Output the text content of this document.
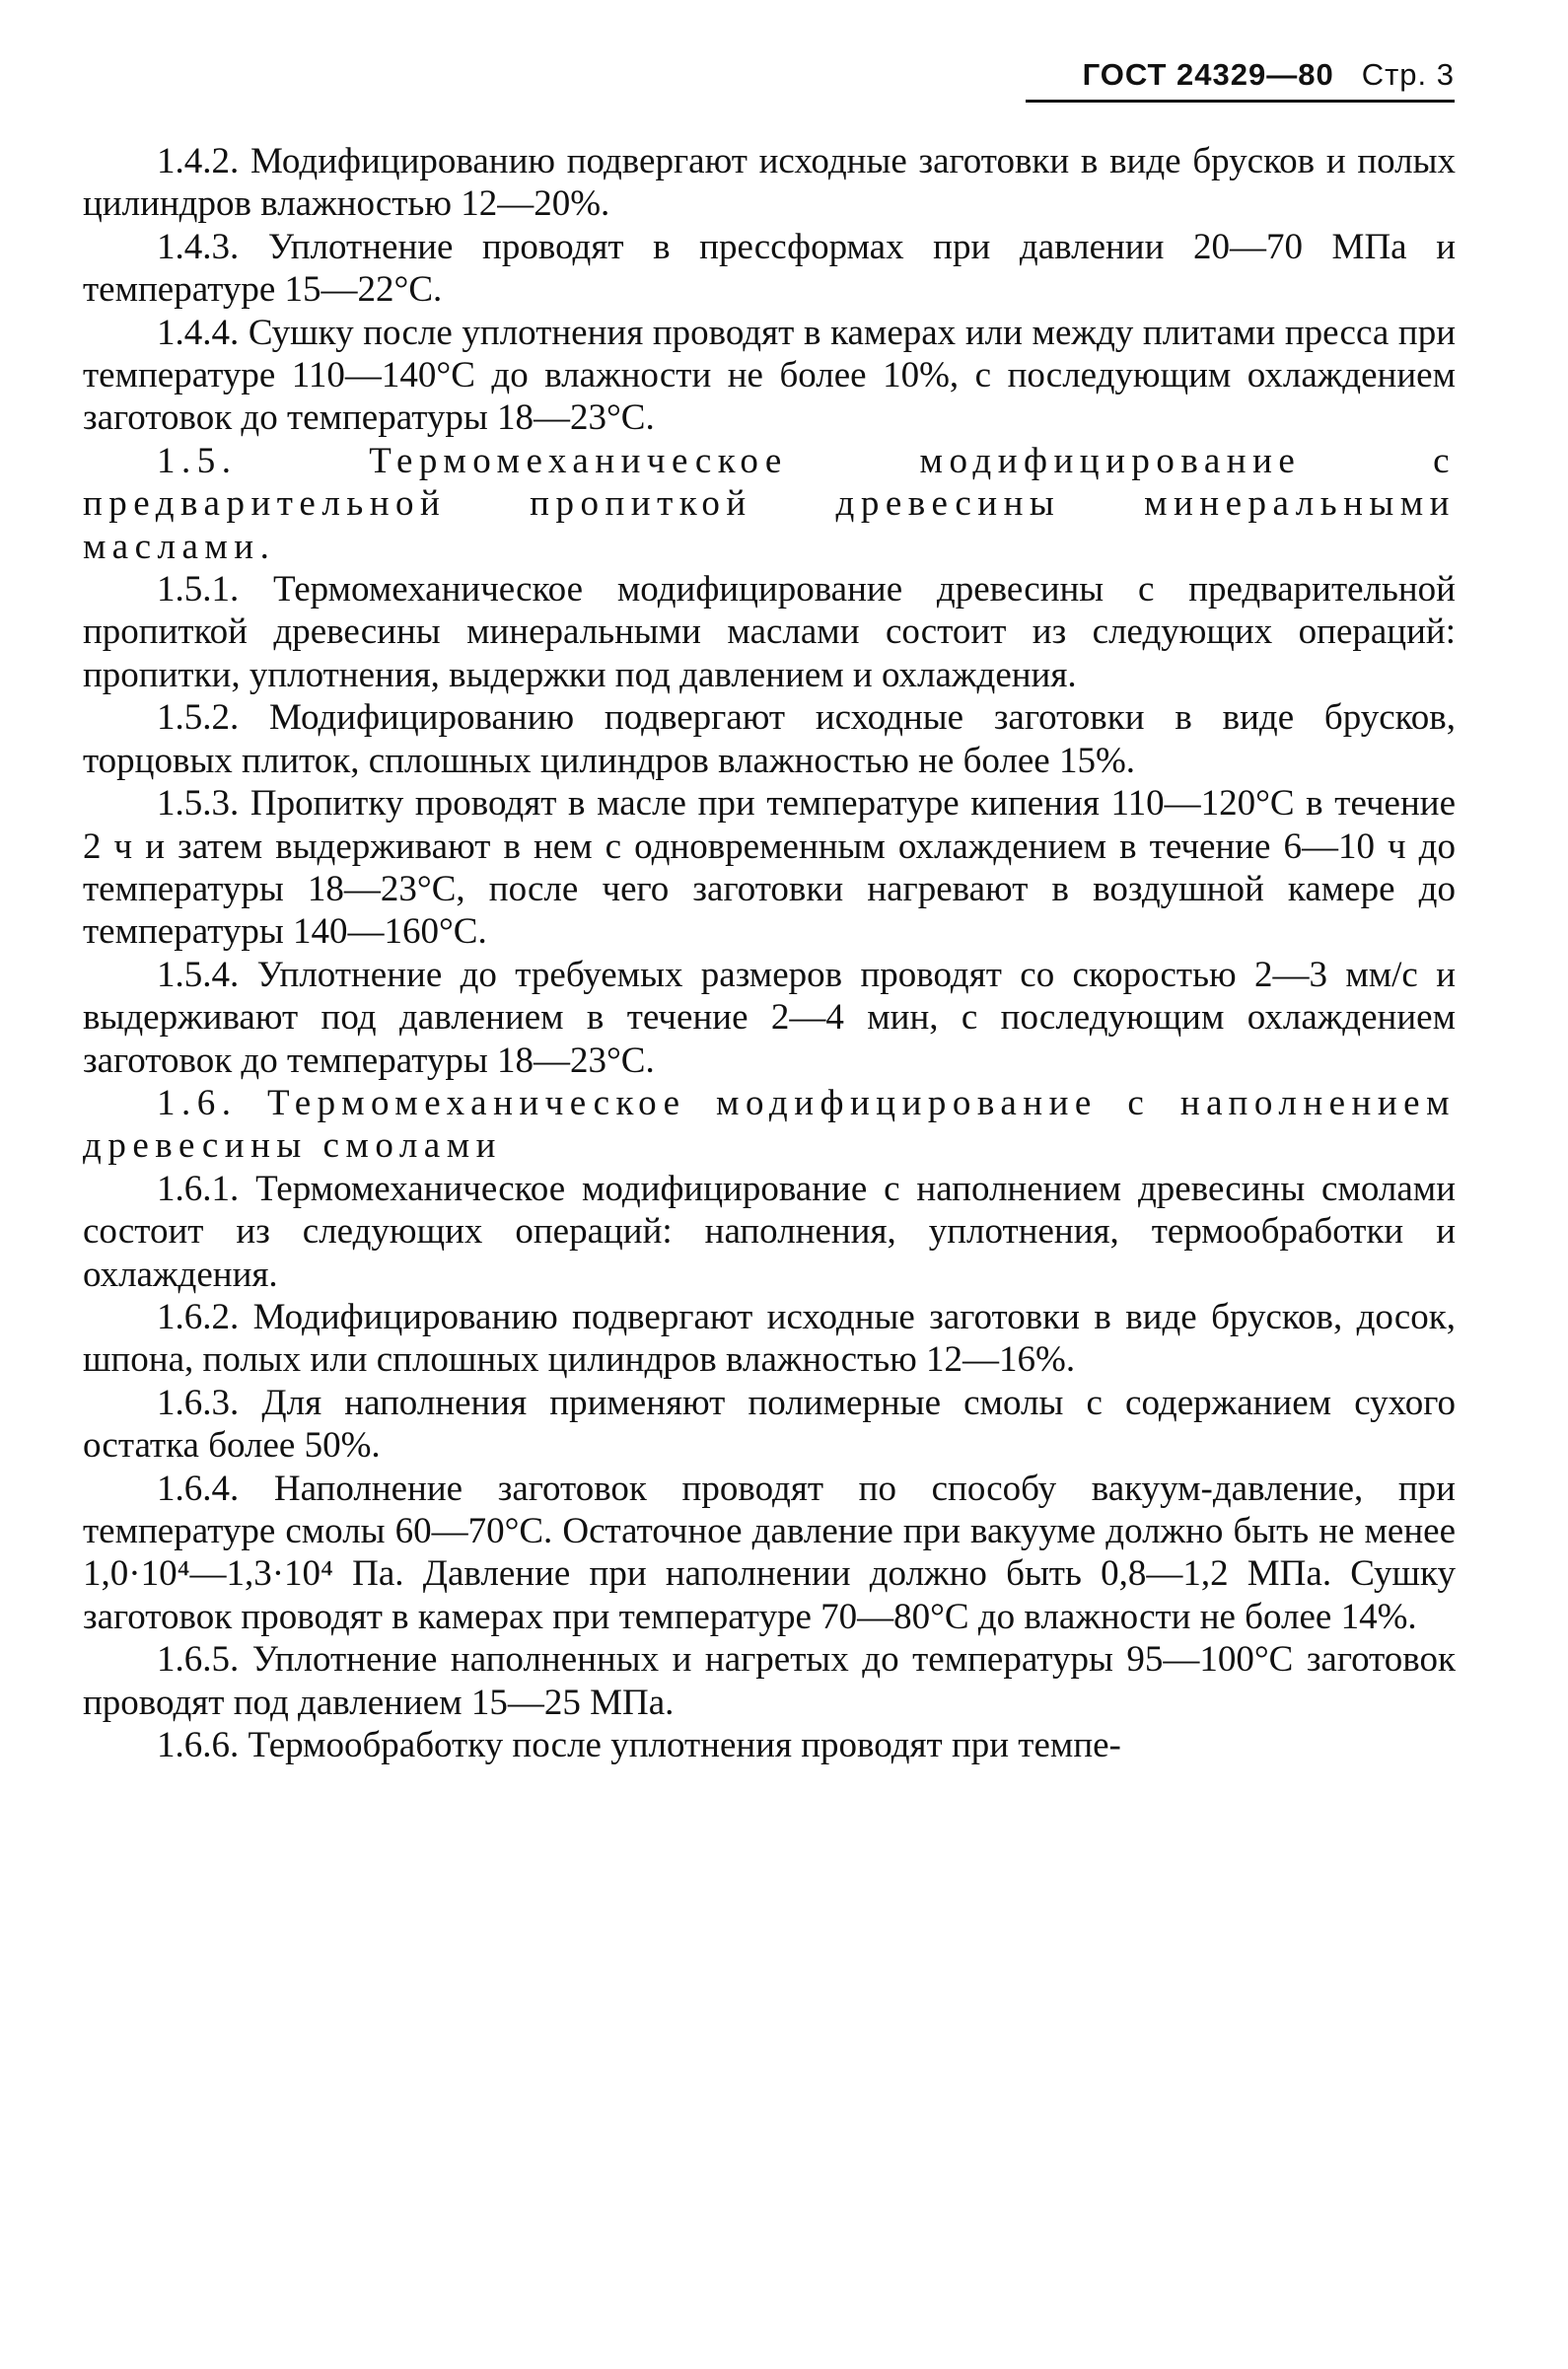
ГОСТ 24329—80 Стр. 3

1.4.2. Модифицированию подвергают исходные заготовки в виде брусков и полых цилиндров влажностью 12—20%.

1.4.3. Уплотнение проводят в прессформах при давлении 20—70 МПа и температуре 15—22°С.

1.4.4. Сушку после уплотнения проводят в камерах или между плитами пресса при температуре 110—140°С до влажности не более 10%, с последующим охлаждением заготовок до температуры 18—23°С.

1.5. Термомеханическое модифицирование с предварительной пропиткой древесины минеральными маслами.

1.5.1. Термомеханическое модифицирование древесины с предварительной пропиткой древесины минеральными маслами состоит из следующих операций: пропитки, уплотнения, выдержки под давлением и охлаждения.

1.5.2. Модифицированию подвергают исходные заготовки в виде брусков, торцовых плиток, сплошных цилиндров влажностью не более 15%.

1.5.3. Пропитку проводят в масле при температуре кипения 110—120°С в течение 2 ч и затем выдерживают в нем с одновременным охлаждением в течение 6—10 ч до температуры 18—23°С, после чего заготовки нагревают в воздушной камере до температуры 140—160°С.

1.5.4. Уплотнение до требуемых размеров проводят со скоростью 2—3 мм/с и выдерживают под давлением в течение 2—4 мин, с последующим охлаждением заготовок до температуры 18—23°С.

1.6. Термомеханическое модифицирование с наполнением древесины смолами

1.6.1. Термомеханическое модифицирование с наполнением древесины смолами состоит из следующих операций: наполнения, уплотнения, термообработки и охлаждения.

1.6.2. Модифицированию подвергают исходные заготовки в виде брусков, досок, шпона, полых или сплошных цилиндров влажностью 12—16%.

1.6.3. Для наполнения применяют полимерные смолы с содержанием сухого остатка более 50%.

1.6.4. Наполнение заготовок проводят по способу вакуум-давление, при температуре смолы 60—70°С. Остаточное давление при вакууме должно быть не менее 1,0·10⁴—1,3·10⁴ Па. Давление при наполнении должно быть 0,8—1,2 МПа. Сушку заготовок проводят в камерах при температуре 70—80°С до влажности не более 14%.

1.6.5. Уплотнение наполненных и нагретых до температуры 95—100°С заготовок проводят под давлением 15—25 МПа.

1.6.6. Термообработку после уплотнения проводят при темпе-
